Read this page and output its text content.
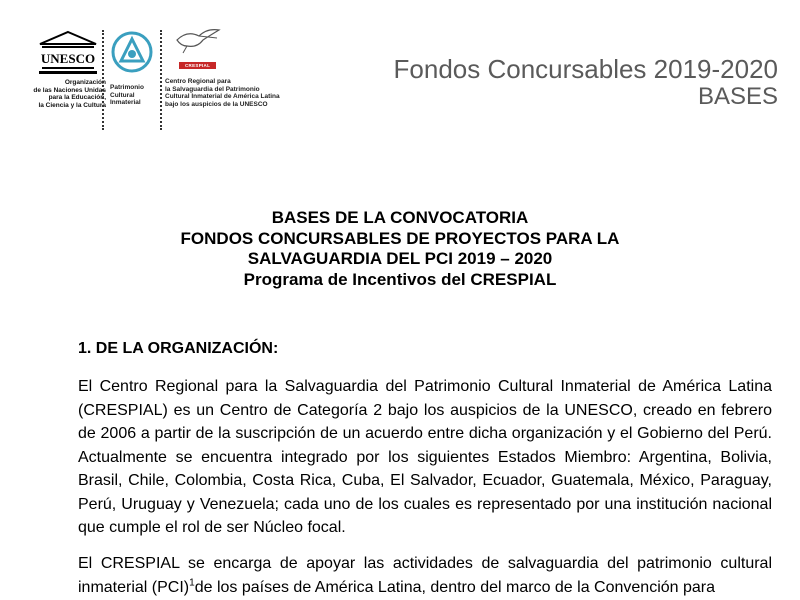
UNESCO
Organización
de las Naciones Unidas
para la Educación,
la Ciencia y la Cultura
Patrimonio
Cultural
Inmaterial
CRESPIAL
Centro Regional para
la Salvaguardia del Patrimonio
Cultural Inmaterial de América Latina
bajo los auspicios de la UNESCO
Fondos Concursables 2019-2020
BASES
BASES DE LA CONVOCATORIA
FONDOS CONCURSABLES DE PROYECTOS PARA LA
SALVAGUARDIA DEL PCI 2019 – 2020
Programa de Incentivos del CRESPIAL
1. DE LA ORGANIZACIÓN:
El Centro Regional para la Salvaguardia del Patrimonio Cultural Inmaterial de América Latina (CRESPIAL) es un Centro de Categoría 2 bajo los auspicios de la UNESCO, creado en febrero de 2006 a partir de la suscripción de un acuerdo entre dicha organización y el Gobierno del Perú. Actualmente se encuentra integrado por los siguientes Estados Miembro: Argentina, Bolivia, Brasil, Chile, Colombia, Costa Rica, Cuba, El Salvador, Ecuador, Guatemala, México, Paraguay, Perú, Uruguay y Venezuela; cada uno de los cuales es representado por una institución nacional que cumple el rol de ser Núcleo focal.
El CRESPIAL se encarga de apoyar las actividades de salvaguardia del patrimonio cultural inmaterial (PCI)$^1$de los países de América Latina, dentro del marco de la Convención para
